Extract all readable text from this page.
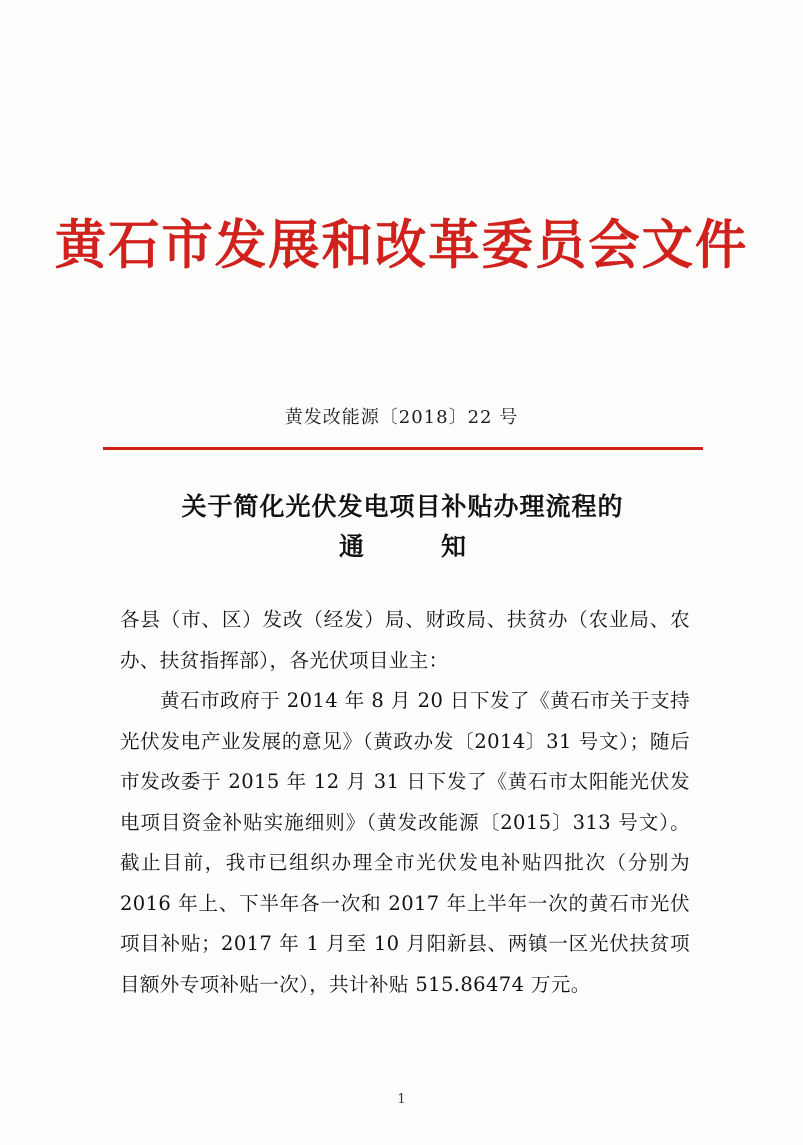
黄石市发展和改革委员会文件
黄发改能源〔2018〕22 号
关于简化光伏发电项目补贴办理流程的
通　知

各县（市、区）发改（经发）局、财政局、扶贫办（农业局、农办、扶贫指挥部），各光伏项目业主：

黄石市政府于 2014 年 8 月 20 日下发了《黄石市关于支持光伏发电产业发展的意见》（黄政办发〔2014〕31 号文）；随后市发改委于 2015 年 12 月 31 日下发了《黄石市太阳能光伏发电项目资金补贴实施细则》（黄发改能源〔2015〕313 号文）。截止目前，我市已组织办理全市光伏发电补贴四批次（分别为 2016 年上、下半年各一次和 2017 年上半年一次的黄石市光伏项目补贴；2017 年 1 月至 10 月阳新县、两镇一区光伏扶贫项目额外专项补贴一次），共计补贴 515.86474 万元。

1
